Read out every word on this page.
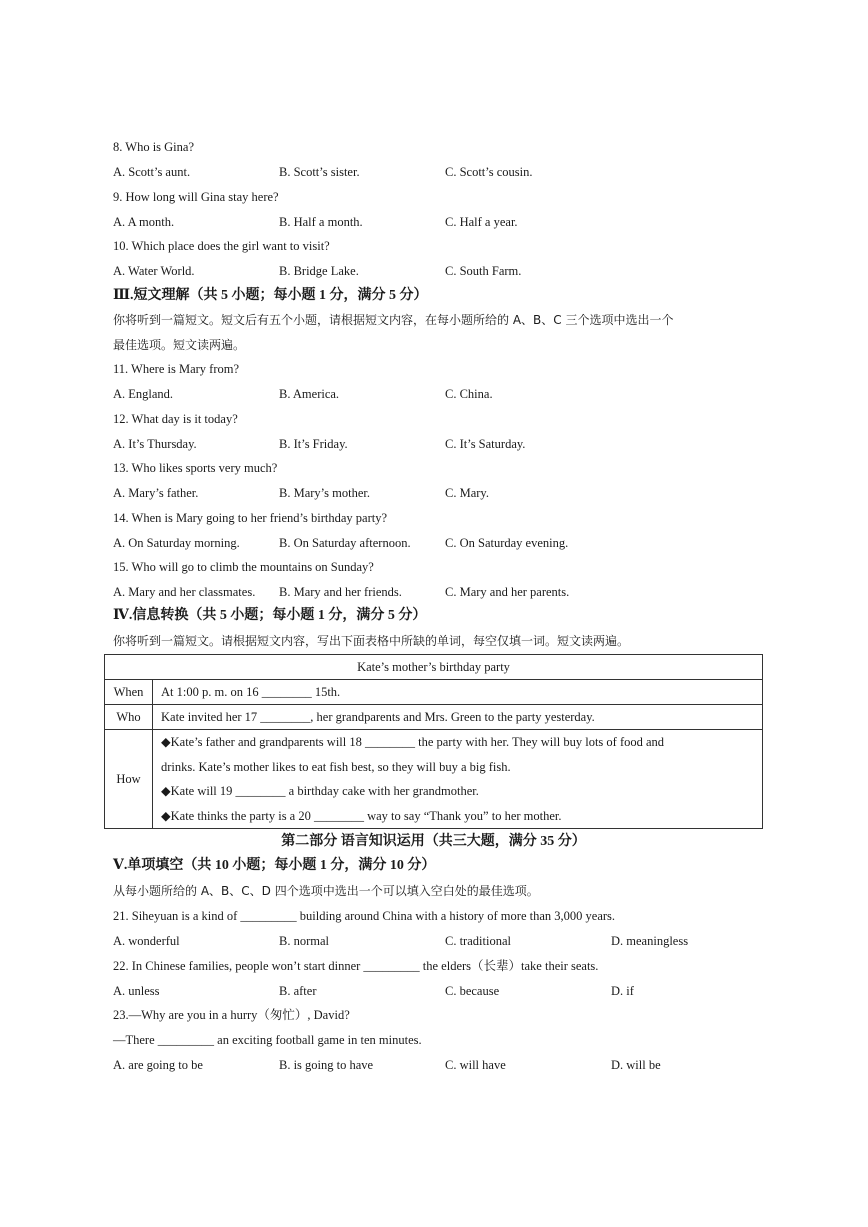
8. Who is Gina?
A. Scott’s aunt.	B. Scott’s sister.	C. Scott’s cousin.
9. How long will Gina stay here?
A. A month.	B. Half a month.	C. Half a year.
10. Which place does the girl want to visit?
A. Water World.	B. Bridge Lake.	C. South Farm.
Ⅲ.短文理解（共 5 小题；每小题 1 分，满分 5 分）
你将听到一篇短文。短文后有五个小题，请根据短文内容，在每小题所给的 A、B、C 三个选项中选出一个
最佳选项。短文读两遍。
11. Where is Mary from?
A. England.	B. America.	C. China.
12. What day is it today?
A. It’s Thursday.	B. It’s Friday.	C. It’s Saturday.
13. Who likes sports very much?
A. Mary’s father.	B. Mary’s mother.	C. Mary.
14. When is Mary going to her friend’s birthday party?
A. On Saturday morning.	B. On Saturday afternoon.	C. On Saturday evening.
15. Who will go to climb the mountains on Sunday?
A. Mary and her classmates. B. Mary and her friends.	C. Mary and her parents.
Ⅳ.信息转换（共 5 小题；每小题 1 分，满分 5 分）
你将听到一篇短文。请根据短文内容，写出下面表格中所缺的单词，每空仅填一词。短文读两遍。
Kate’s mother’s birthday party	
When	At 1:00 p. m. on 16 ________ 15th.
Who	Kate invited her 17 ________, her grandparents and Mrs. Green to the party yesterday.
How	◆Kate’s father and grandparents will 18 ________ the party with her. They will buy lots of food and
drinks. Kate’s mother likes to eat fish best, so they will buy a big fish.
◆Kate will 19 ________ a birthday cake with her grandmother.
◆Kate thinks the party is a 20 ________ way to say “Thank you” to her mother.
第二部分 语言知识运用（共三大题，满分 35 分）
Ⅴ.单项填空（共 10 小题；每小题 1 分，满分 10 分）
从每小题所给的 A、B、C、D 四个选项中选出一个可以填入空白处的最佳选项。
21. Siheyuan is a kind of _________ building around China with a history of more than 3,000 years.
A. wonderful	B. normal	C. traditional	D. meaningless
22. In Chinese families, people won’t start dinner _________ the elders（长辈）take their seats.
A. unless	B. after	C. because	D. if
23.—Why are you in a hurry（匆忙）, David?
—There _________ an exciting football game in ten minutes.
A. are going to be	B. is going to have	C. will have	D. will be
